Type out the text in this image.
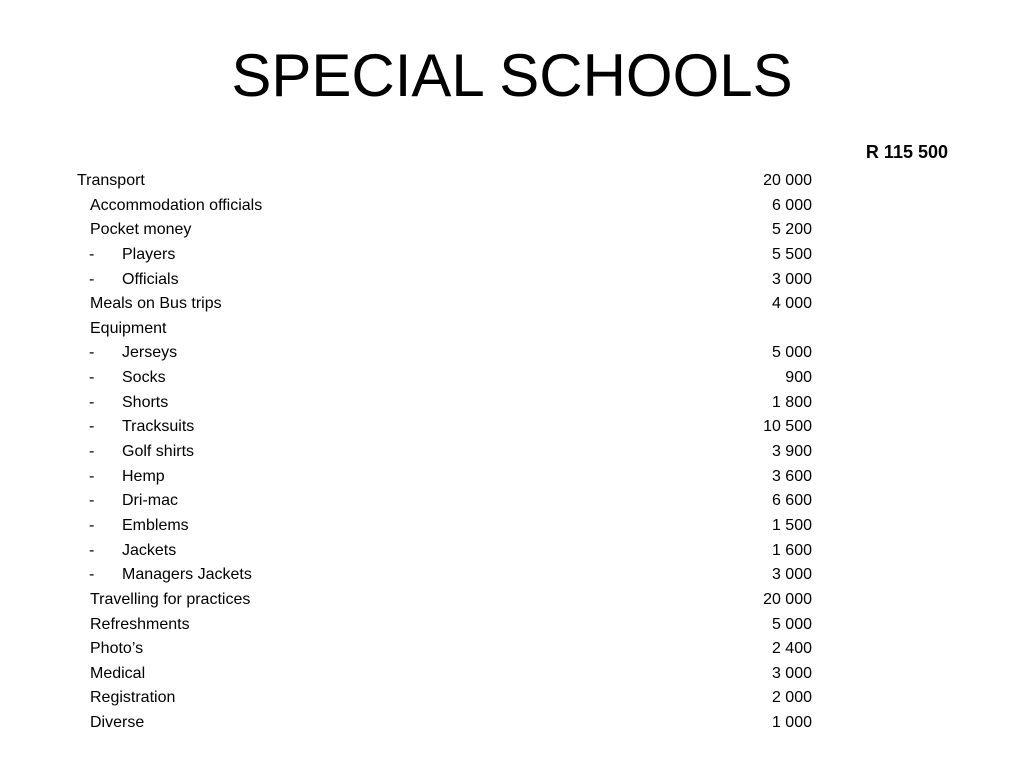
SPECIAL SCHOOLS
R 115 500
Transport	20 000
Accommodation officials	6 000
Pocket money	5 200
- Players	5 500
- Officials	3 000
Meals on Bus trips	4 000
Equipment
- Jerseys	5 000
- Socks	900
- Shorts	1 800
- Tracksuits	10 500
- Golf shirts	3 900
- Hemp	3 600
- Dri-mac	6 600
- Emblems	1 500
- Jackets	1 600
- Managers Jackets	3 000
Travelling for practices	20 000
Refreshments	5 000
Photo’s	2 400
Medical	3 000
Registration	2 000
Diverse	1 000
